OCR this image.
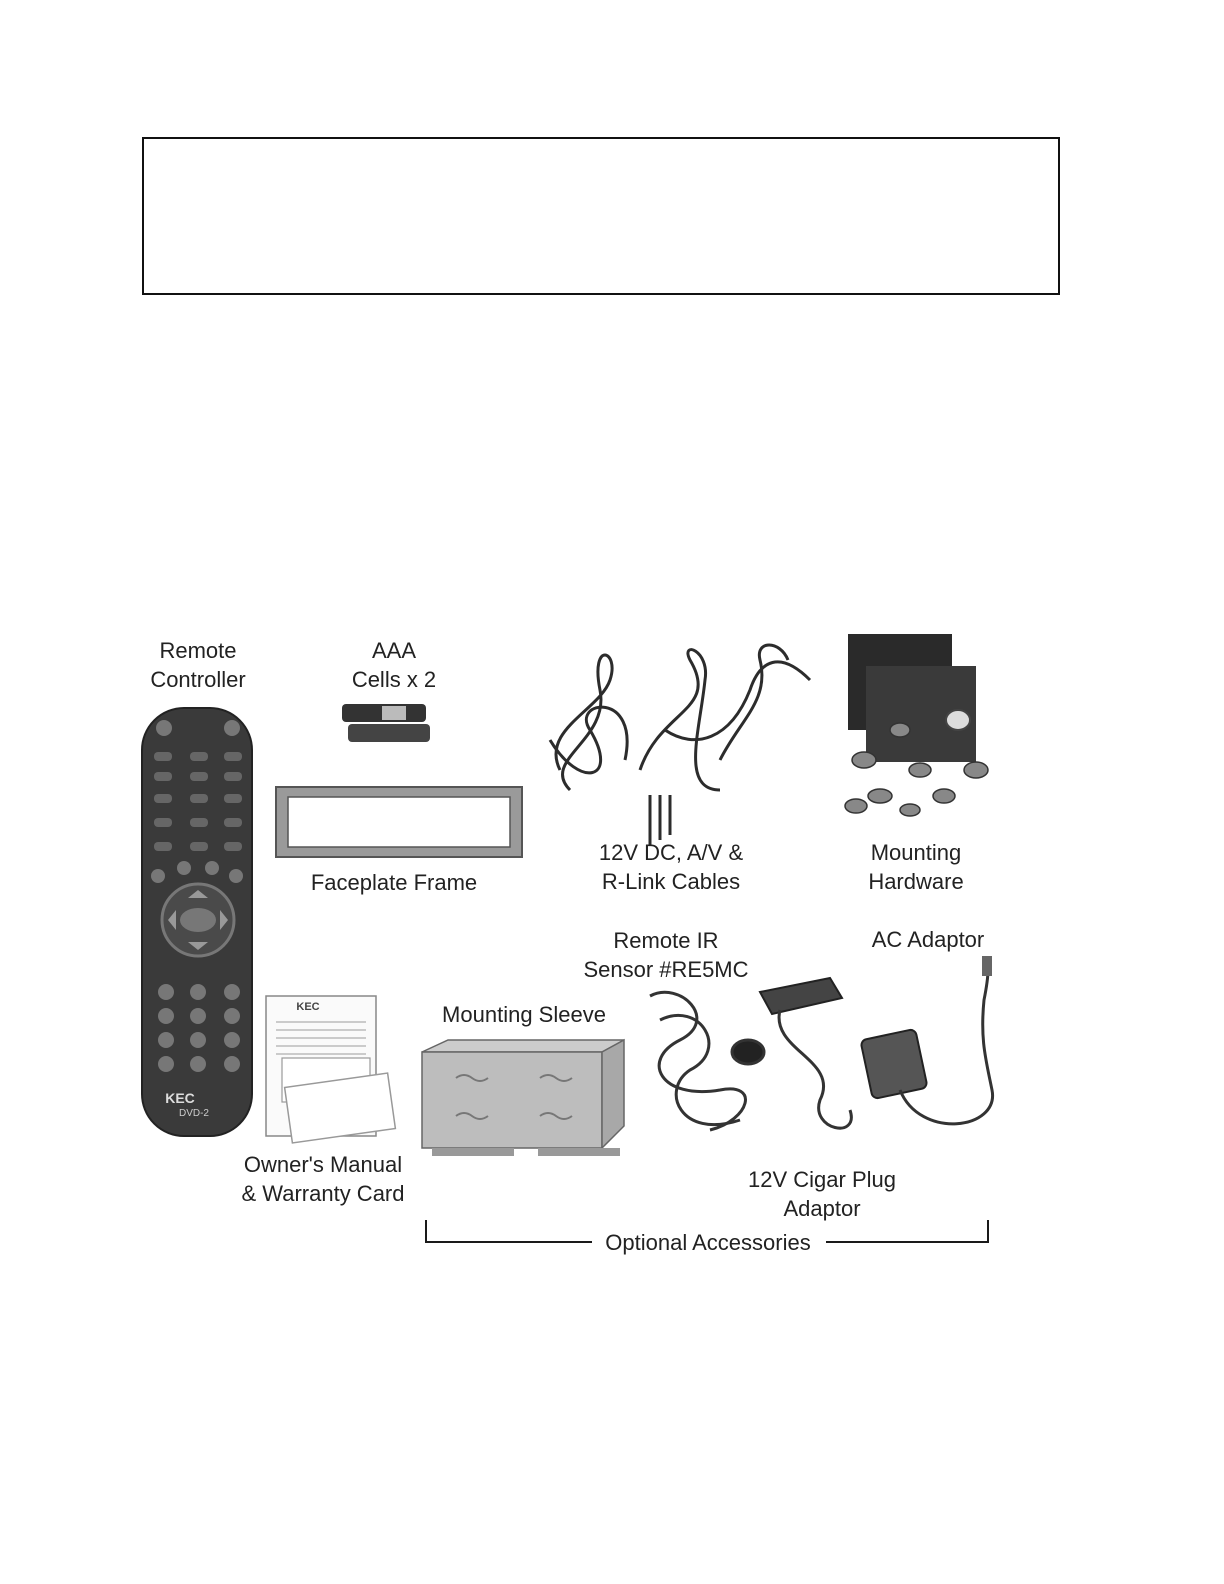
Remote
Controller
AAA
Cells x 2
Faceplate Frame
12V DC, A/V &
R-Link Cables
Mounting
Hardware
Remote IR
Sensor #RE5MC
AC Adaptor
Mounting Sleeve
Owner's Manual
& Warranty Card
12V Cigar Plug
Adaptor
Optional Accessories
KEC
DVD-2
KEC
